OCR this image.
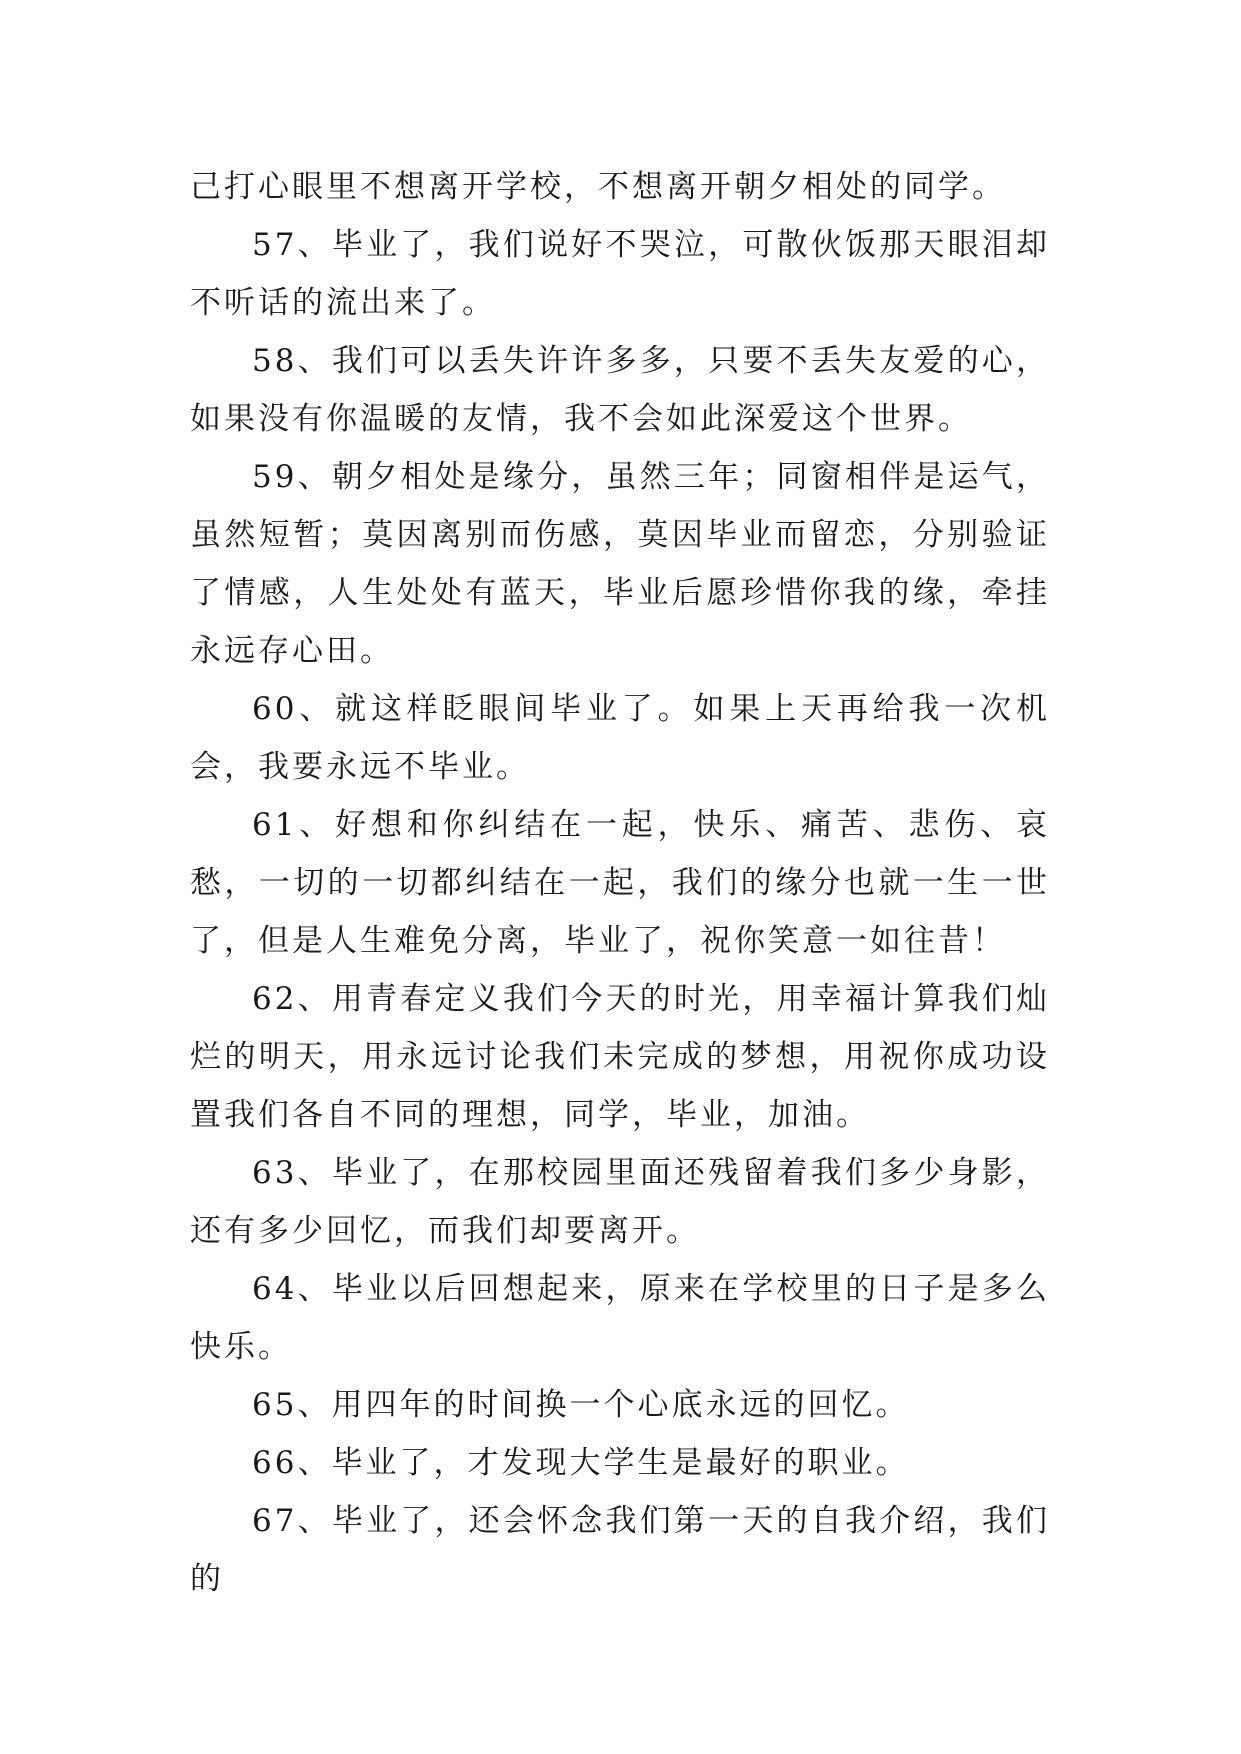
己打心眼里不想离开学校，不想离开朝夕相处的同学。

57、毕业了，我们说好不哭泣，可散伙饭那天眼泪却不听话的流出来了。

58、我们可以丢失许许多多，只要不丢失友爱的心，如果没有你温暖的友情，我不会如此深爱这个世界。

59、朝夕相处是缘分，虽然三年；同窗相伴是运气，虽然短暂；莫因离别而伤感，莫因毕业而留恋，分别验证了情感，人生处处有蓝天，毕业后愿珍惜你我的缘，牵挂永远存心田。

60、就这样眨眼间毕业了。如果上天再给我一次机会，我要永远不毕业。

61、好想和你纠结在一起，快乐、痛苦、悲伤、哀愁，一切的一切都纠结在一起，我们的缘分也就一生一世了，但是人生难免分离，毕业了，祝你笑意一如往昔！

62、用青春定义我们今天的时光，用幸福计算我们灿烂的明天，用永远讨论我们未完成的梦想，用祝你成功设置我们各自不同的理想，同学，毕业，加油。

63、毕业了，在那校园里面还残留着我们多少身影，还有多少回忆，而我们却要离开。

64、毕业以后回想起来，原来在学校里的日子是多么快乐。

65、用四年的时间换一个心底永远的回忆。

66、毕业了，才发现大学生是最好的职业。

67、毕业了，还会怀念我们第一天的自我介绍，我们的
